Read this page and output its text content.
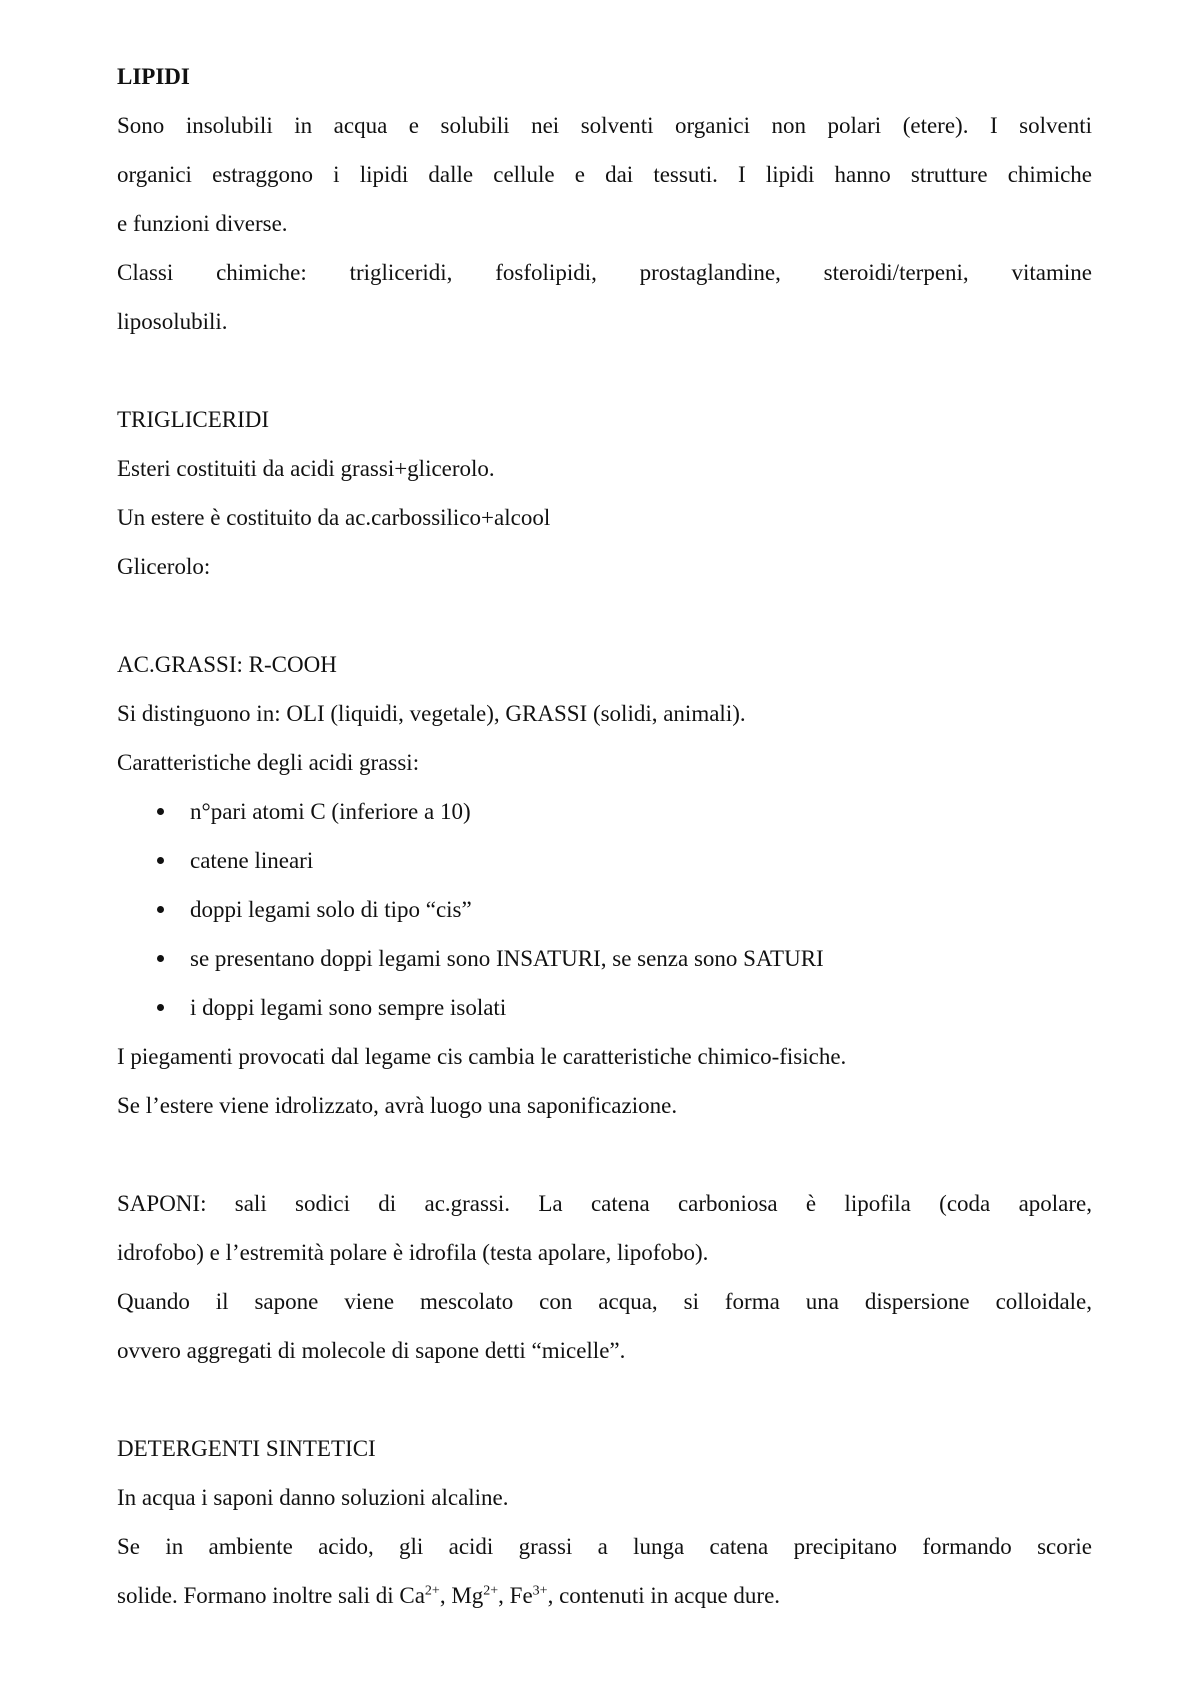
LIPIDI
Sono insolubili in acqua e solubili nei solventi organici non polari (etere). I solventi
organici estraggono i lipidi dalle cellule e dai tessuti. I lipidi hanno strutture chimiche
e funzioni diverse.
Classi chimiche: trigliceridi, fosfolipidi, prostaglandine, steroidi/terpeni, vitamine
liposolubili.
TRIGLICERIDI
Esteri costituiti da acidi grassi+glicerolo.
Un estere è costituito da ac.carbossilico+alcool
Glicerolo:
AC.GRASSI: R-COOH
Si distinguono in: OLI (liquidi, vegetale), GRASSI (solidi, animali).
Caratteristiche degli acidi grassi:
n°pari atomi C (inferiore a 10)
catene lineari
doppi legami solo di tipo “cis”
se presentano doppi legami sono INSATURI, se senza sono SATURI
i doppi legami sono sempre isolati
I piegamenti provocati dal legame cis cambia le caratteristiche chimico-fisiche.
Se l’estere viene idrolizzato, avrà luogo una saponificazione.
SAPONI: sali sodici di ac.grassi. La catena carboniosa è lipofila (coda apolare,
idrofobo) e l’estremità polare è idrofila (testa apolare, lipofobo).
Quando il sapone viene mescolato con acqua, si forma una dispersione colloidale,
ovvero aggregati di molecole di sapone detti “micelle”.
DETERGENTI SINTETICI
In acqua i saponi danno soluzioni alcaline.
Se in ambiente acido, gli acidi grassi a lunga catena precipitano formando scorie
solide. Formano inoltre sali di $Ca^{2+}$, $Mg^{2+}$, $Fe^{3+}$, contenuti in acque dure.
